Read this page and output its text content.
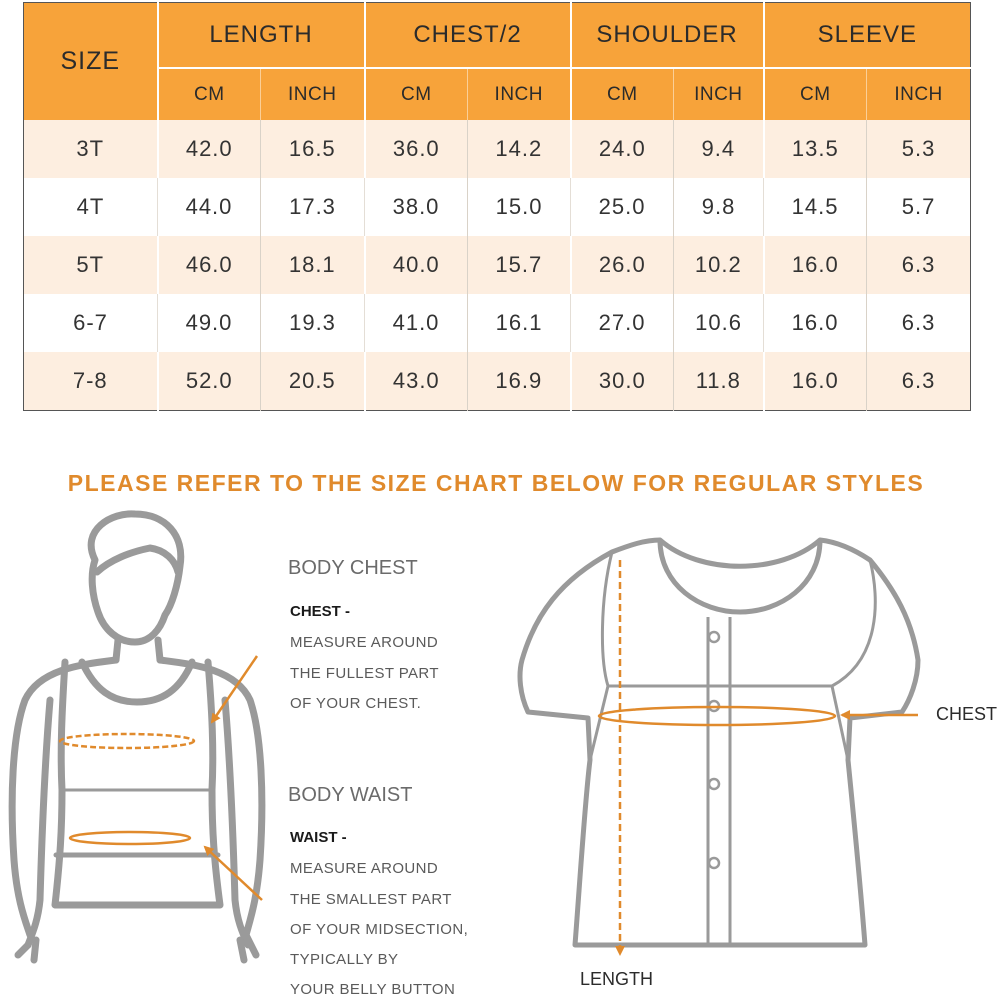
SIZE	LENGTH		CHEST/2		SHOULDER		SLEEVE	
	CM	INCH	CM	INCH	CM	INCH	CM	INCH
3T	42.0	16.5	36.0	14.2	24.0	9.4	13.5	5.3
4T	44.0	17.3	38.0	15.0	25.0	9.8	14.5	5.7
5T	46.0	18.1	40.0	15.7	26.0	10.2	16.0	6.3
6-7	49.0	19.3	41.0	16.1	27.0	10.6	16.0	6.3
7-8	52.0	20.5	43.0	16.9	30.0	11.8	16.0	6.3
PLEASE REFER TO THE SIZE CHART BELOW FOR REGULAR STYLES
BODY CHEST
CHEST -
MEASURE AROUND
THE FULLEST PART
OF YOUR CHEST.
BODY WAIST
WAIST -
MEASURE AROUND
THE SMALLEST PART
OF YOUR MIDSECTION,
TYPICALLY BY
YOUR BELLY BUTTON
CHEST
LENGTH
